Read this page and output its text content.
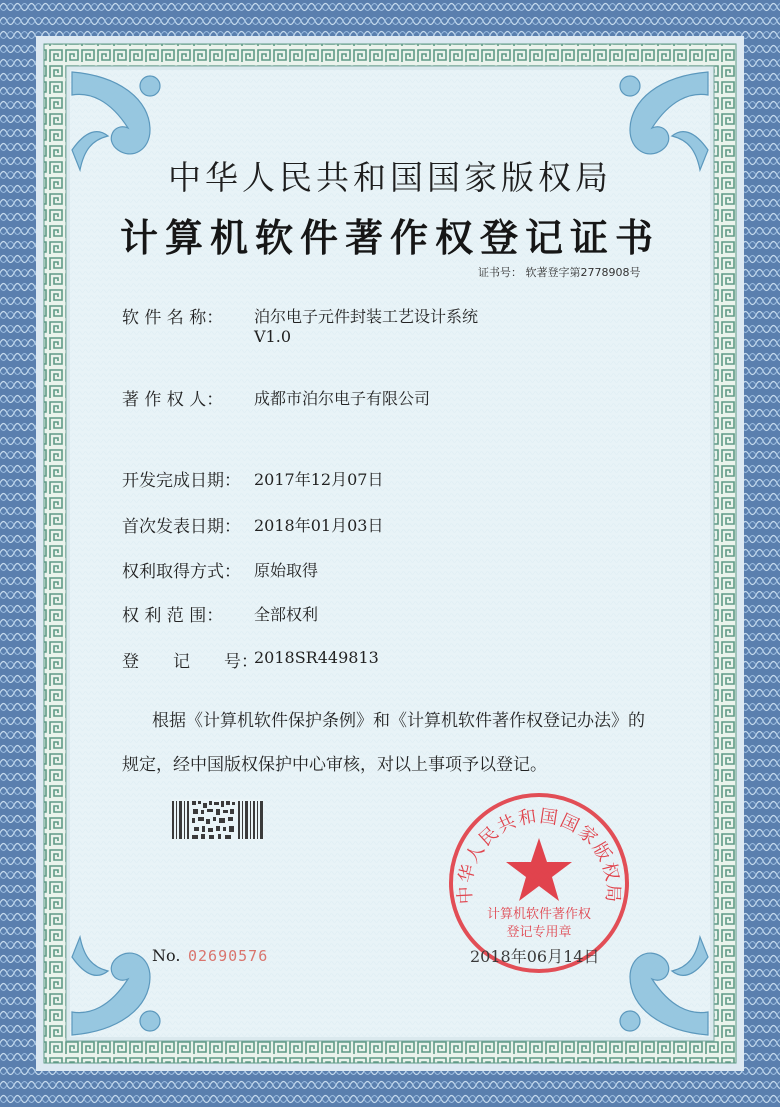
中华人民共和国国家版权局
计算机软件著作权登记证书
证书号： 软著登字第2778908号
软 件 名 称： 泊尔电子元件封装工艺设计系统
V1.0
著 作 权 人： 成都市泊尔电子有限公司
开发完成日期： 2017年12月07日
首次发表日期： 2018年01月03日
权利取得方式： 原始取得
权 利 范 围： 全部权利
登　　记　　号：
2018SR449813
根据《计算机软件保护条例》和《计算机软件著作权登记办法》的
规定，经中国版权保护中心审核，对以上事项予以登记。
中华人民共和国国家版权局
计算机软件著作权
登记专用章
No. 02690576	2018年06月14日
